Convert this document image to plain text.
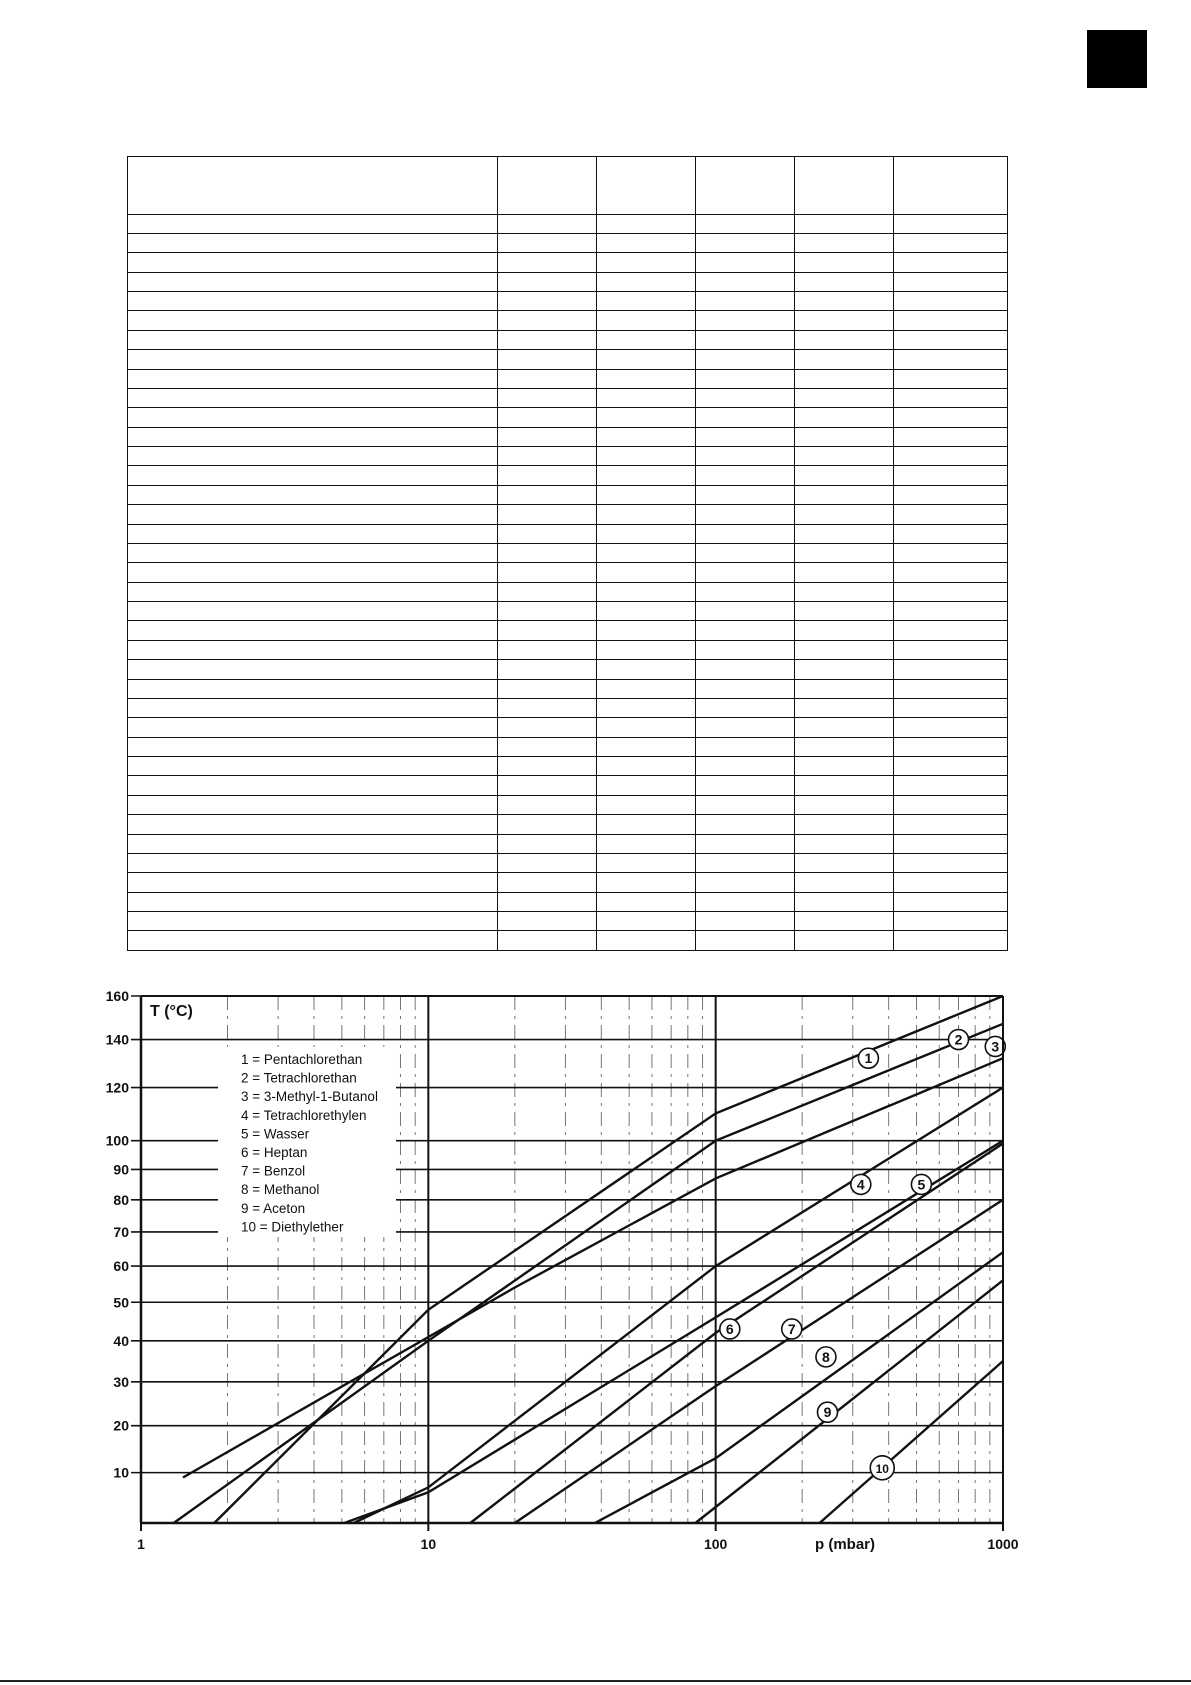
1 = Pentachlorethan
2 = Tetrachlorethan
3 = 3-Methyl-1-Butanol
4 = Tetrachlorethylen
5 = Wasser
6 = Heptan
7 = Benzol
8 = Methanol
9 = Aceton
10 = Diethylether
1
2 3
4	5
6	7
8
9
10
10
20
30
40
50
60
70
80
90
100
120
140
160
1	10	100	1000
T (°C)
p (mbar)
